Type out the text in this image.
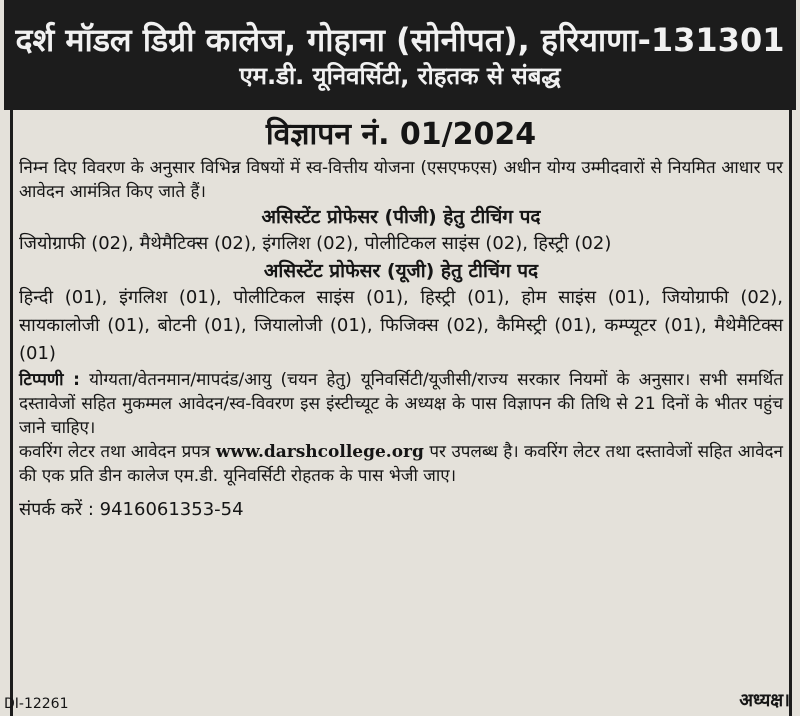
दर्श मॉडल डिग्री कालेज, गोहाना (सोनीपत), हरियाणा-131301
एम.डी. यूनिवर्सिटी, रोहतक से संबद्ध
विज्ञापन नं. 01/2024

निम्न दिए विवरण के अनुसार विभिन्न विषयों में स्व-वित्तीय योजना (एसएफएस) अधीन योग्य उम्मीदवारों से नियमित आधार पर आवेदन आमंत्रित किए जाते हैं।

असिस्टेंट प्रोफेसर (पीजी) हेतु टीचिंग पद

जियोग्राफी (02), मैथेमैटिक्स (02), इंगलिश (02), पोलीटिकल साइंस (02), हिस्ट्री (02)

असिस्टेंट प्रोफेसर (यूजी) हेतु टीचिंग पद

हिन्दी (01), इंगलिश (01), पोलीटिकल साइंस (01), हिस्ट्री (01), होम साइंस (01), जियोग्राफी (02), सायकालोजी (01), बोटनी (01), जियालोजी (01), फिजिक्स (02), कैमिस्ट्री (01), कम्प्यूटर (01), मैथेमैटिक्स (01)

टिप्पणी : योग्यता/वेतनमान/मापदंड/आयु (चयन हेतु) यूनिवर्सिटी/यूजीसी/राज्य सरकार नियमों के अनुसार। सभी समर्थित दस्तावेजों सहित मुकम्मल आवेदन/स्व-विवरण इस इंस्टीच्यूट के अध्यक्ष के पास विज्ञापन की तिथि से 21 दिनों के भीतर पहुंच जाने चाहिए।

कवरिंग लेटर तथा आवेदन प्रपत्र www.darshcollege.org पर उपलब्ध है। कवरिंग लेटर तथा दस्तावेजों सहित आवेदन की एक प्रति डीन कालेज एम.डी. यूनिवर्सिटी रोहतक के पास भेजी जाए।

संपर्क करें : 9416061353-54
DI-12261	अध्यक्ष।
